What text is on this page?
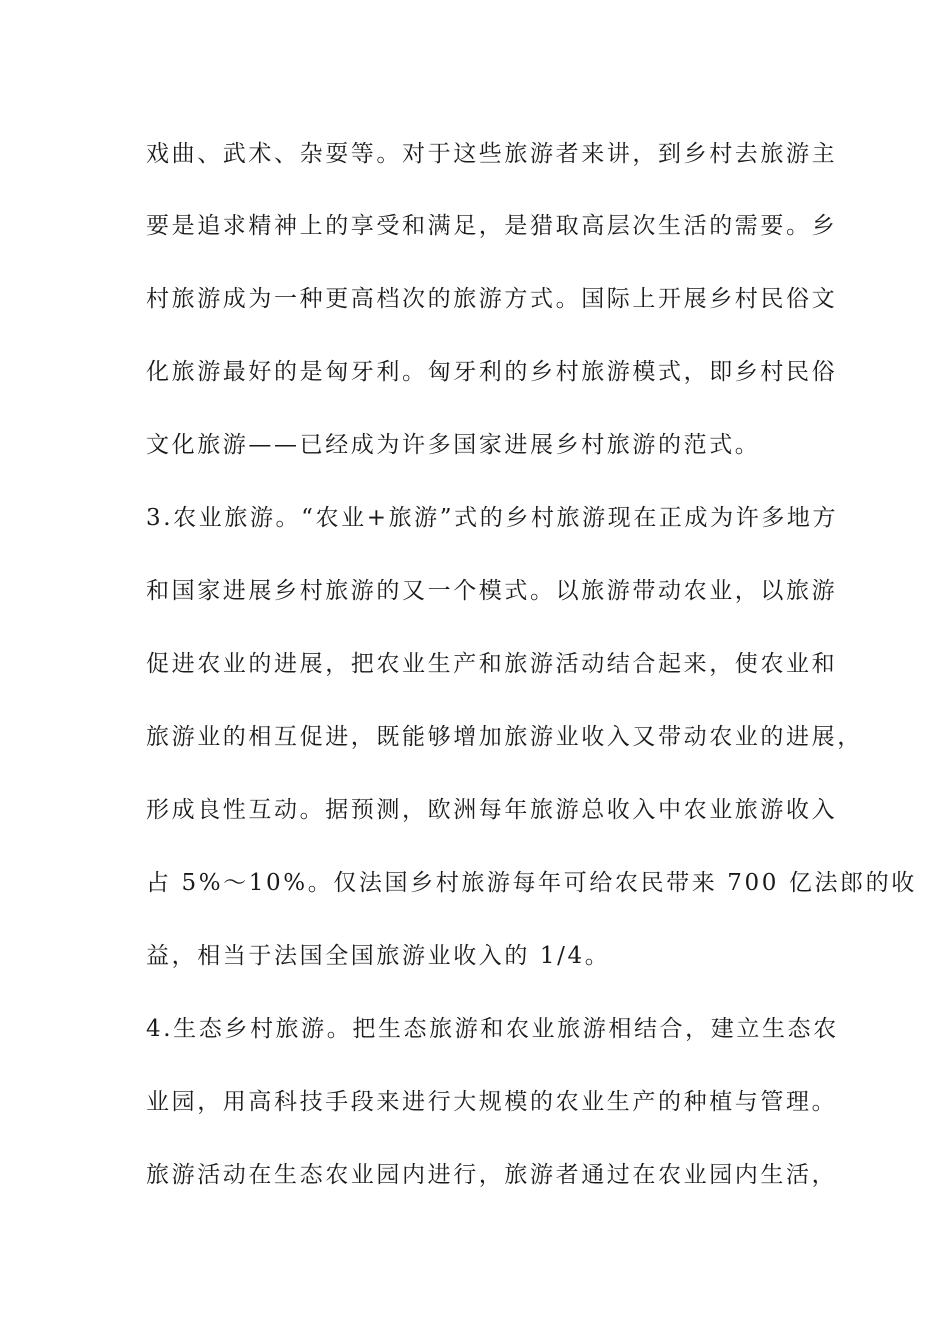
戏曲、武术、杂耍等。对于这些旅游者来讲，到乡村去旅游主
要是追求精神上的享受和满足，是猎取高层次生活的需要。乡
村旅游成为一种更高档次的旅游方式。国际上开展乡村民俗文
化旅游最好的是匈牙利。匈牙利的乡村旅游模式，即乡村民俗
文化旅游——已经成为许多国家进展乡村旅游的范式。
3.农业旅游。“农业+旅游”式的乡村旅游现在正成为许多地方
和国家进展乡村旅游的又一个模式。以旅游带动农业，以旅游
促进农业的进展，把农业生产和旅游活动结合起来，使农业和
旅游业的相互促进，既能够增加旅游业收入又带动农业的进展，
形成良性互动。据预测，欧洲每年旅游总收入中农业旅游收入
占 5%～10%。仅法国乡村旅游每年可给农民带来 700 亿法郎的收
益，相当于法国全国旅游业收入的 1/4。
4.生态乡村旅游。把生态旅游和农业旅游相结合，建立生态农
业园，用高科技手段来进行大规模的农业生产的种植与管理。
旅游活动在生态农业园内进行，旅游者通过在农业园内生活，
